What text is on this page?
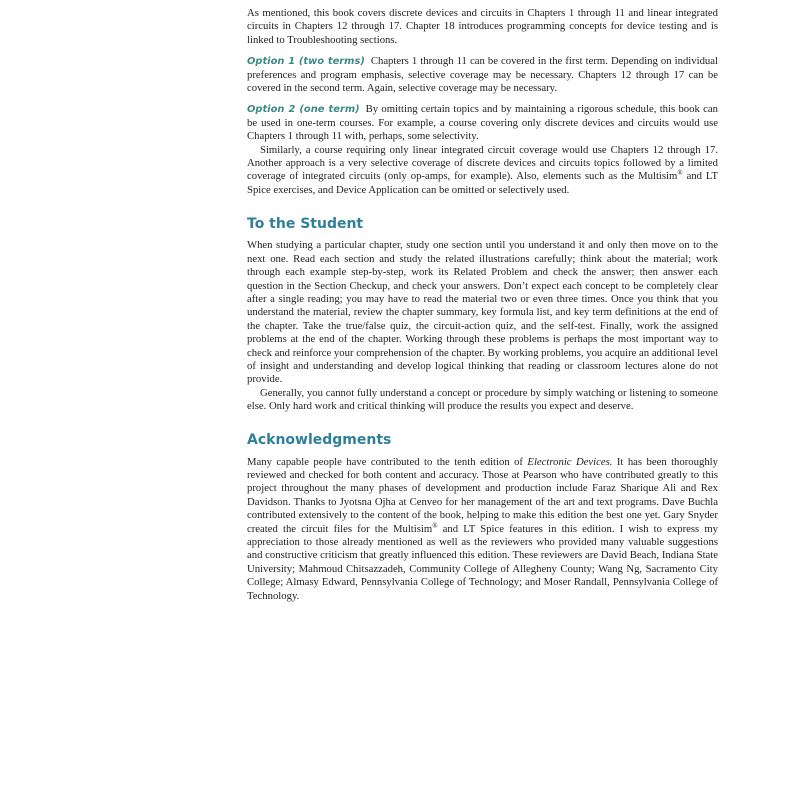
As mentioned, this book covers discrete devices and circuits in Chapters 1 through 11 and linear integrated circuits in Chapters 12 through 17. Chapter 18 introduces programming concepts for device testing and is linked to Troubleshooting sections.

Option 1 (two terms) Chapters 1 through 11 can be covered in the first term. Depending on individual preferences and program emphasis, selective coverage may be necessary. Chapters 12 through 17 can be covered in the second term. Again, selective coverage may be necessary.

Option 2 (one term) By omitting certain topics and by maintaining a rigorous schedule, this book can be used in one-term courses. For example, a course covering only discrete devices and circuits would use Chapters 1 through 11 with, perhaps, some selectivity.

Similarly, a course requiring only linear integrated circuit coverage would use Chapters 12 through 17. Another approach is a very selective coverage of discrete devices and circuits topics followed by a limited coverage of integrated circuits (only op-amps, for example). Also, elements such as the Multisim® and LT Spice exercises, and Device Application can be omitted or selectively used.

To the Student

When studying a particular chapter, study one section until you understand it and only then move on to the next one. Read each section and study the related illustrations carefully; think about the material; work through each example step-by-step, work its Related Problem and check the answer; then answer each question in the Section Checkup, and check your answers. Don’t expect each concept to be completely clear after a single reading; you may have to read the material two or even three times. Once you think that you understand the material, review the chapter summary, key formula list, and key term definitions at the end of the chapter. Take the true/false quiz, the circuit-action quiz, and the self-test. Finally, work the assigned problems at the end of the chapter. Working through these problems is perhaps the most important way to check and reinforce your comprehension of the chapter. By working problems, you acquire an additional level of insight and understanding and develop logical thinking that reading or classroom lectures alone do not provide.

Generally, you cannot fully understand a concept or procedure by simply watching or listening to someone else. Only hard work and critical thinking will produce the results you expect and deserve.

Acknowledgments

Many capable people have contributed to the tenth edition of Electronic Devices. It has been thoroughly reviewed and checked for both content and accuracy. Those at Pearson who have contributed greatly to this project throughout the many phases of development and production include Faraz Sharique Ali and Rex Davidson. Thanks to Jyotsna Ojha at Cenveo for her management of the art and text programs. Dave Buchla contributed extensively to the content of the book, helping to make this edition the best one yet. Gary Snyder created the circuit files for the Multisim® and LT Spice features in this edition. I wish to express my appreciation to those already mentioned as well as the reviewers who provided many valuable suggestions and constructive criticism that greatly influenced this edition. These reviewers are David Beach, Indiana State University; Mahmoud Chitsazzadeh, Community College of Allegheny County; Wang Ng, Sacramento City College; Almasy Edward, Pennsylvania College of Technology; and Moser Randall, Pennsylvania College of Technology.
